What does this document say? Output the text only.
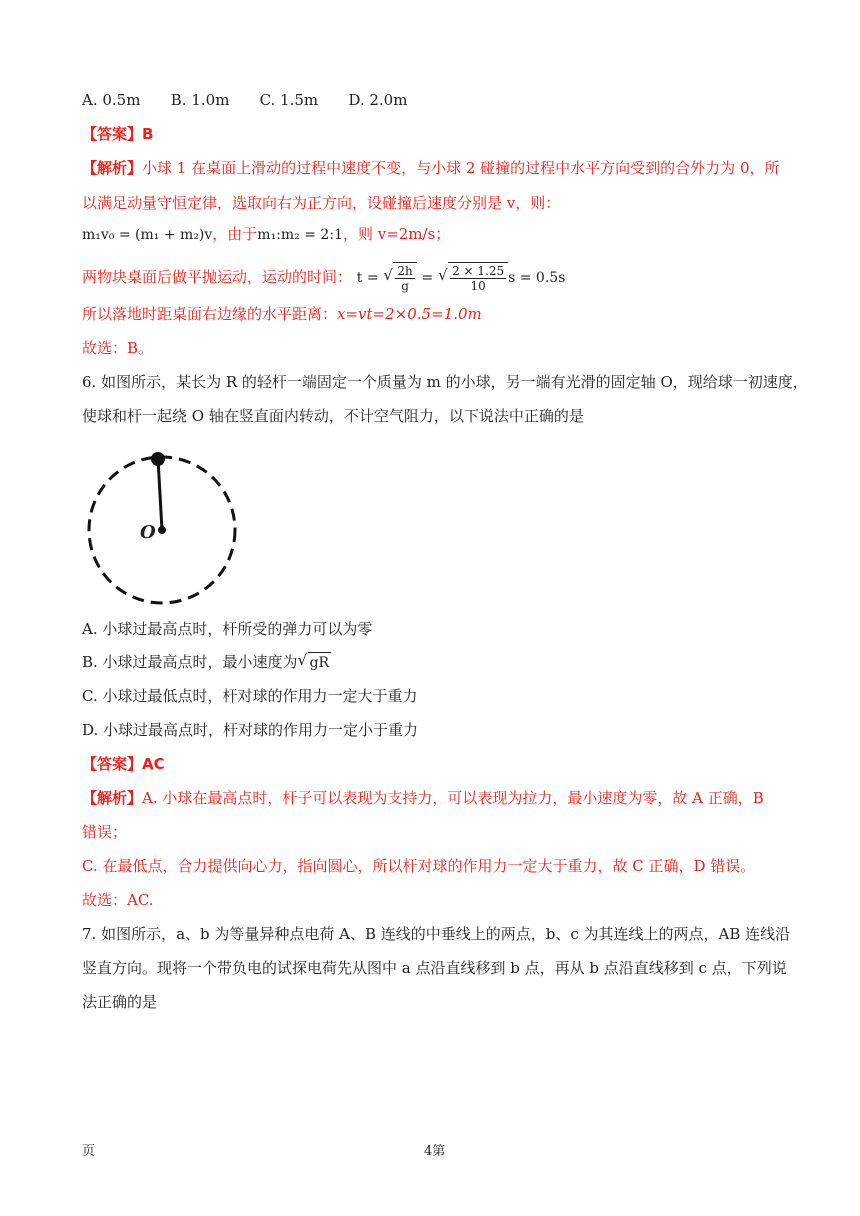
A. 0.5m B. 1.0m C. 1.5m D. 2.0m
【答案】B
【解析】小球 1 在桌面上滑动的过程中速度不变，与小球 2 碰撞的过程中水平方向受到的合外力为 0，所
以满足动量守恒定律，选取向右为正方向，设碰撞后速度分别是 v，则：
m₁v₀ = (m₁ + m₂)v，由于m₁:m₂ = 2:1，则 v=2m/s；
两物块桌面后做平抛运动，运动的时间： t = √ $\frac{2h}{g}$ = √ $\frac{2 \times 1.25}{10}$ s = 0.5s
所以落地时距桌面右边缘的水平距离：x=vt=2×0.5=1.0m
故选：B。
6. 如图所示，某长为 R 的轻杆一端固定一个质量为 m 的小球，另一端有光滑的固定轴 O，现给球一初速度，
使球和杆一起绕 O 轴在竖直面内转动，不计空气阻力，以下说法中正确的是
O
A. 小球过最高点时，杆所受的弹力可以为零
B. 小球过最高点时，最小速度为 √ gR
C. 小球过最低点时，杆对球的作用力一定大于重力
D. 小球过最高点时，杆对球的作用力一定小于重力
【答案】AC
【解析】A. 小球在最高点时，杆子可以表现为支持力，可以表现为拉力，最小速度为零，故 A 正确，B
错误；
C. 在最低点，合力提供向心力，指向圆心，所以杆对球的作用力一定大于重力，故 C 正确，D 错误。
故选：AC.
7. 如图所示，a、b 为等量异种点电荷 A、B 连线的中垂线上的两点，b、c 为其连线上的两点，AB 连线沿
竖直方向。现将一个带负电的试探电荷先从图中 a 点沿直线移到 b 点，再从 b 点沿直线移到 c 点，下列说
法正确的是
页	4第
